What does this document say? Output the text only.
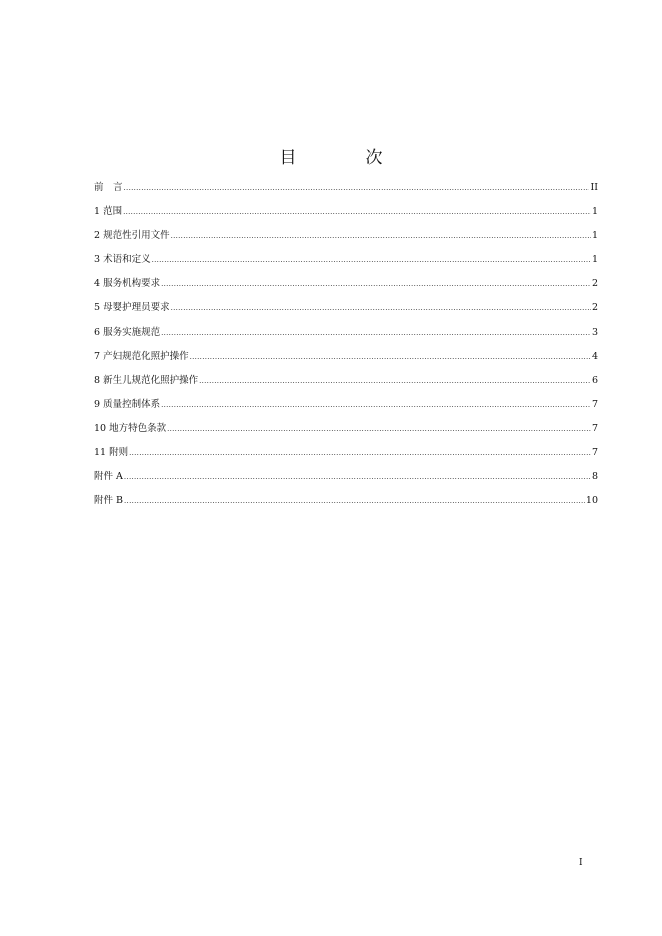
目　次
前　言 .....	II
1 范围 .....	1
2 规范性引用文件 .....	1
3 术语和定义 .....	1
4 服务机构要求 .....	2
5 母婴护理员要求 .....	2
6 服务实施规范 .....	3
7 产妇规范化照护操作 .....	4
8 新生儿规范化照护操作 .....	6
9 质量控制体系 .....	7
10 地方特色条款 .....	7
11 附则 .....	7
附件 A .....	8
附件 B .....	10
I
